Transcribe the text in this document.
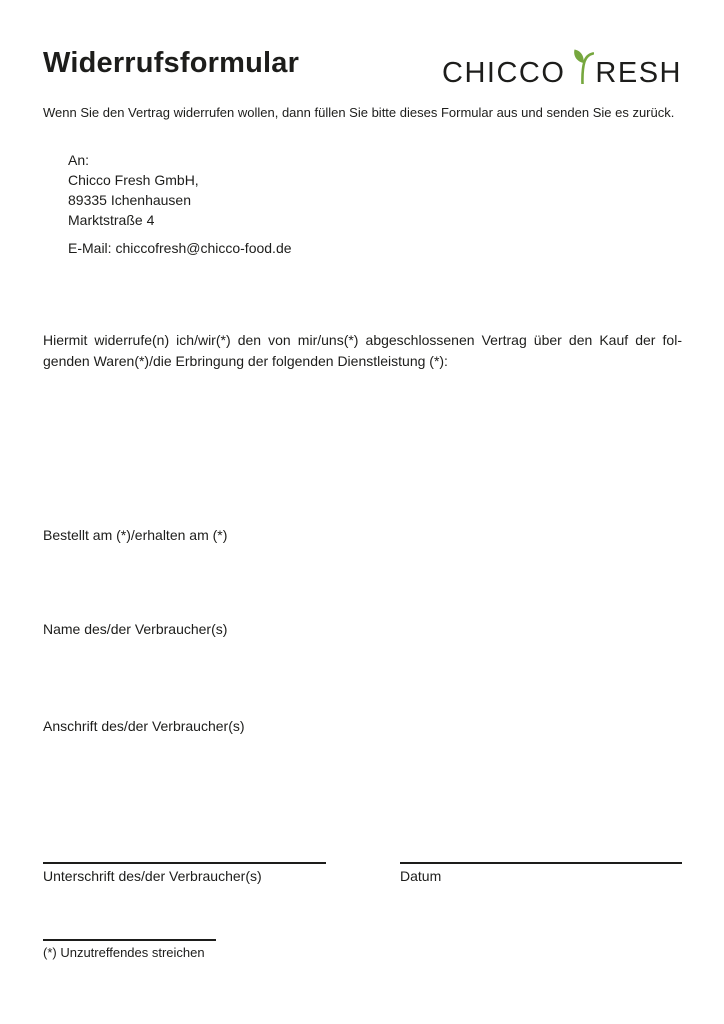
Widerrufsformular	CHICCO RESH

Wenn Sie den Vertrag widerrufen wollen, dann füllen Sie bitte dieses Formular aus und senden Sie es zurück.

An:
Chicco Fresh GmbH,
89335 Ichenhausen
Marktstraße 4
E-Mail: chiccofresh@chicco-food.de
Hiermit widerrufe(n) ich/wir(*) den von mir/uns(*) abgeschlossenen Vertrag über den Kauf der fol-
genden Waren(*)/die Erbringung der folgenden Dienstleistung (*):
Bestellt am (*)/erhalten am (*)
Name des/der Verbraucher(s)
Anschrift des/der Verbraucher(s)
Unterschrift des/der Verbraucher(s)	Datum
(*) Unzutreffendes streichen
